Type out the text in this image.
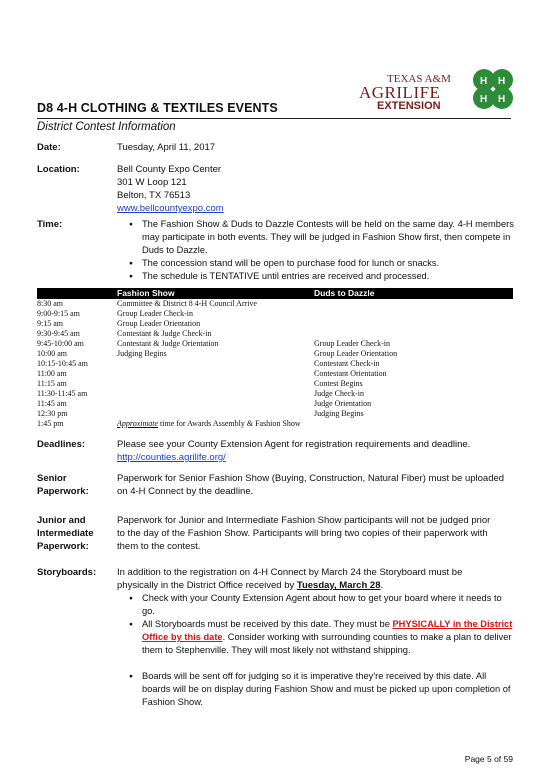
TEXAS A&M
AGRILIFE
EXTENSION
H H
H H
D8 4-H CLOTHING & TEXTILES EVENTS
District Contest Information
Date:	Tuesday, April 11, 2017
Location:	Bell County Expo Center
301 W Loop 121
Belton, TX 76513
www.bellcountyexpo.com
Time:
●	The Fashion Show & Duds to Dazzle Contests will be held on the same day. 4-H members may participate in both events. They will be judged in Fashion Show first, then compete in Duds to Dazzle.
● The concession stand will be open to purchase food for lunch or snacks.
● The schedule is TENTATIVE until entries are received and processed.
Fashion Show	Duds to Dazzle
8:30 am	Committee & District 8 4-H Council Arrive
9:00-9:15 am	Group Leader Check-in
9:15 am	Group Leader Orientation
9:30-9:45 am	Contestant & Judge Check-in
9:45-10:00 am	Contestant & Judge Orientation	Group Leader Check-in
10:00 am	Judging Begins	Group Leader Orientation
10:15-10:45 am	Contestant Check-in
11:00 am	Contestant Orientation
11:15 am	Contest Begins
11:30-11:45 am	Judge Check-in
11:45 am	Judge Orientation
12:30 pm	Judging Begins
1:45 pm	Approximate time for Awards Assembly & Fashion Show
Deadlines:	Please see your County Extension Agent for registration requirements and deadline.
http://counties.agrilife.org/
Senior
Paperwork:
Paperwork for Senior Fashion Show (Buying, Construction, Natural Fiber) must be uploaded
on 4-H Connect by the deadline.
Junior and
Intermediate
Paperwork:
Paperwork for Junior and Intermediate Fashion Show participants will not be judged prior
to the day of the Fashion Show. Participants will bring two copies of their paperwork with
them to the contest.
Storyboards: In addition to the registration on 4-H Connect by March 24 the Storyboard must be
physically in the District Office received by Tuesday, March 28.
● Check with your County Extension Agent about how to get your board where it needs to go.
● All Storyboards must be received by this date. They must be PHYSICALLY in the District Office by this date. Consider working with surrounding counties to make a plan to deliver them to Stephenville. They will most likely not withstand shipping.
● Boards will be sent off for judging so it is imperative they're received by this date. All boards will be on display during Fashion Show and must be picked up upon completion of Fashion Show.
Page 5 of 59
